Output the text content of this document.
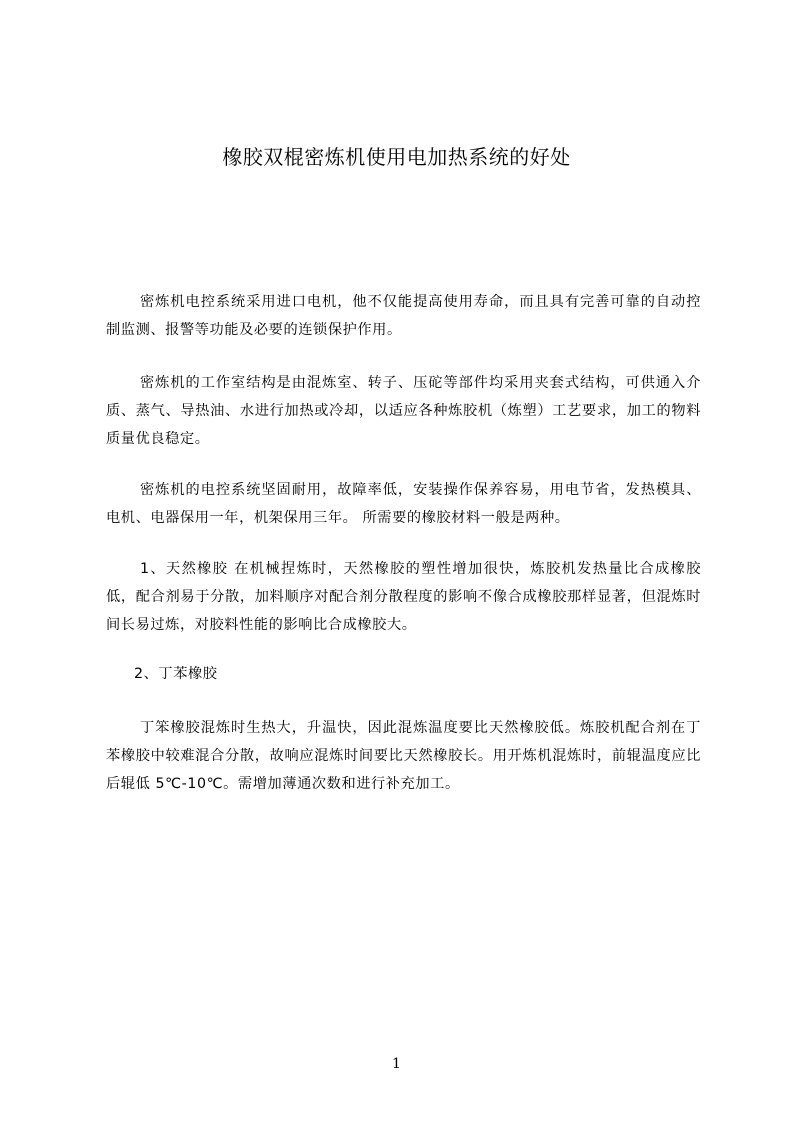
橡胶双棍密炼机使用电加热系统的好处

密炼机电控系统采用进口电机，他不仅能提高使用寿命，而且具有完善可靠的自动控制监测、报警等功能及必要的连锁保护作用。

密炼机的工作室结构是由混炼室、转子、压砣等部件均采用夹套式结构，可供通入介质、蒸气、导热油、水进行加热或冷却，以适应各种炼胶机（炼塑）工艺要求，加工的物料质量优良稳定。

密炼机的电控系统坚固耐用，故障率低，安装操作保养容易，用电节省，发热模具、电机、电器保用一年，机架保用三年。 所需要的橡胶材料一般是两种。

1、天然橡胶 在机械捏炼时，天然橡胶的塑性增加很快，炼胶机发热量比合成橡胶低，配合剂易于分散，加料顺序对配合剂分散程度的影响不像合成橡胶那样显著，但混炼时间长易过炼，对胶料性能的影响比合成橡胶大。

2、丁苯橡胶

丁笨橡胶混炼时生热大，升温快，因此混炼温度要比天然橡胶低。炼胶机配合剂在丁苯橡胶中较难混合分散，故响应混炼时间要比天然橡胶长。用开炼机混炼时，前辊温度应比后辊低 5℃-10℃。需增加薄通次数和进行补充加工。

1
